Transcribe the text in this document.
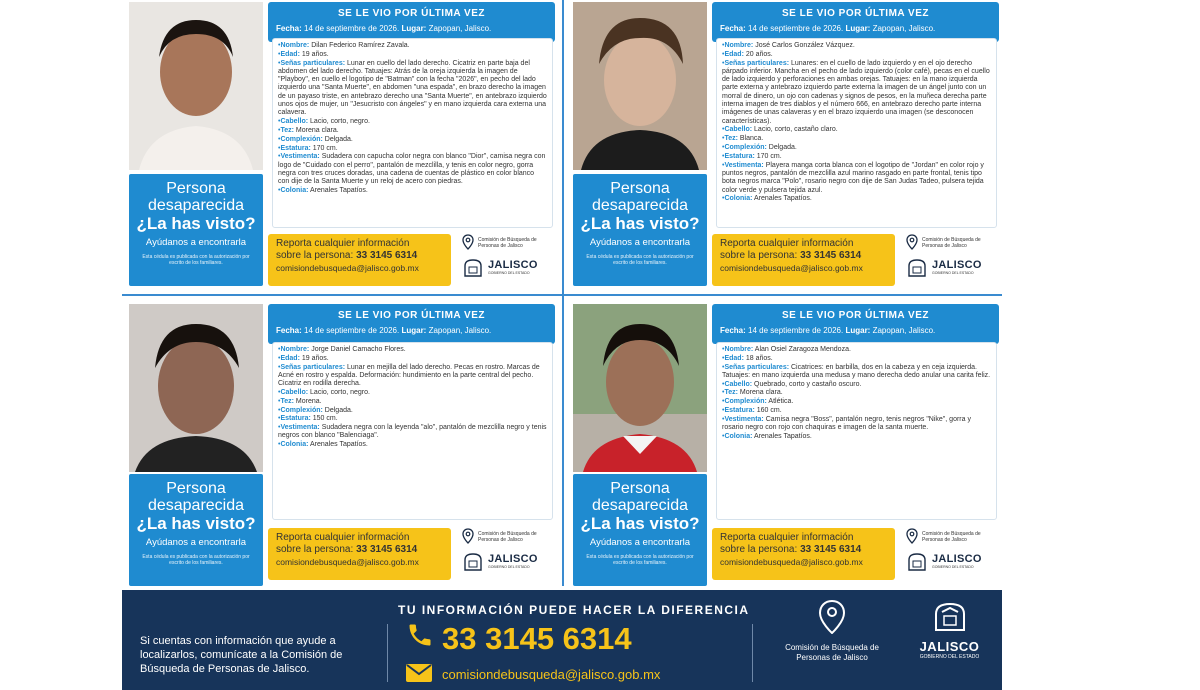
Persona
desaparecida
¿La has visto?
Ayúdanos a encontrarla
Esta cédula es publicada con la autorización por escrito de los familiares.
SE LE VIO POR ÚLTIMA VEZ
Fecha: 14 de septiembre de 2026. Lugar: Zapopan, Jalisco.

•Nombre: Dilan Federico Ramírez Zavala.

•Edad: 19 años.

•Señas particulares: Lunar en cuello del lado derecho. Cicatriz en parte baja del abdomen del lado derecho. Tatuajes: Atrás de la oreja izquierda la imagen de "Playboy", en cuello el logotipo de "Batman" con la fecha "2026", en pecho del lado izquierdo una "Santa Muerte", en abdomen "una espada", en brazo derecho la imagen de un payaso triste, en antebrazo derecho una "Santa Muerte", en antebrazo izquierdo unos ojos de mujer, un "Jesucristo con ángeles" y en mano izquierda cara externa una calavera.

•Cabello: Lacio, corto, negro.

•Tez: Morena clara.

•Complexión: Delgada.

•Estatura: 170 cm.

•Vestimenta: Sudadera con capucha color negra con blanco "Dior", camisa negra con logo de "Cuidado con el perro", pantalón de mezclilla, y tenis en color negro, gorra negra con tres cruces doradas, una cadena de cuentas de plástico en color blanco con dije de la Santa Muerte y un reloj de acero con piedras.

•Colonia: Arenales Tapatíos.

Reporta cualquier información
sobre la persona: 33 3145 6314
comisiondebusqueda@jalisco.gob.mx
Comisión de Búsqueda de Personas de Jalisco
JALISCO
GOBIERNO DEL ESTADO
Persona
desaparecida
¿La has visto?
Ayúdanos a encontrarla
Esta cédula es publicada con la autorización por escrito de los familiares.
SE LE VIO POR ÚLTIMA VEZ
Fecha: 14 de septiembre de 2026. Lugar: Zapopan, Jalisco.

•Nombre: José Carlos González Vázquez.

•Edad: 20 años.

•Señas particulares: Lunares: en el cuello de lado izquierdo y en el ojo derecho párpado inferior. Mancha en el pecho de lado izquierdo (color café), pecas en el cuello de lado izquierdo y perforaciones en ambas orejas. Tatuajes: en la mano izquierda parte externa y antebrazo izquierdo parte externa la imagen de un ángel junto con un morral de dinero, un ojo con cadenas y signos de pesos, en la muñeca derecha parte interna imagen de tres diablos y el número 666, en antebrazo derecho parte interna imágenes de unas calaveras y en el brazo izquierdo una imagen (se desconocen características).

•Cabello: Lacio, corto, castaño claro.

•Tez: Blanca.

•Complexión: Delgada.

•Estatura: 170 cm.

•Vestimenta: Playera manga corta blanca con el logotipo de "Jordan" en color rojo y puntos negros, pantalón de mezclilla azul marino rasgado en parte frontal, tenis tipo bota negros marca "Polo", rosario negro con dije de San Judas Tadeo, pulsera tejida color verde y pulsera tejida azul.

•Colonia: Arenales Tapatíos.

Reporta cualquier información
sobre la persona: 33 3145 6314
comisiondebusqueda@jalisco.gob.mx
Comisión de Búsqueda de Personas de Jalisco
JALISCO
GOBIERNO DEL ESTADO
Persona
desaparecida
¿La has visto?
Ayúdanos a encontrarla
Esta cédula es publicada con la autorización por escrito de los familiares.
SE LE VIO POR ÚLTIMA VEZ
Fecha: 14 de septiembre de 2026. Lugar: Zapopan, Jalisco.

•Nombre: Jorge Daniel Camacho Flores.

•Edad: 19 años.

•Señas particulares: Lunar en mejilla del lado derecho. Pecas en rostro. Marcas de Acné en rostro y espalda. Deformación: hundimiento en la parte central del pecho. Cicatriz en rodilla derecha.

•Cabello: Lacio, corto, negro.

•Tez: Morena.

•Complexión: Delgada.

•Estatura: 150 cm.

•Vestimenta: Sudadera negra con la leyenda "alo", pantalón de mezclilla negro y tenis negros con blanco "Balenciaga".

•Colonia: Arenales Tapatíos.

Reporta cualquier información
sobre la persona: 33 3145 6314
comisiondebusqueda@jalisco.gob.mx
Comisión de Búsqueda de Personas de Jalisco
JALISCO
GOBIERNO DEL ESTADO
Persona
desaparecida
¿La has visto?
Ayúdanos a encontrarla
Esta cédula es publicada con la autorización por escrito de los familiares.
SE LE VIO POR ÚLTIMA VEZ
Fecha: 14 de septiembre de 2026. Lugar: Zapopan, Jalisco.

•Nombre: Alan Osiel Zaragoza Mendoza.

•Edad: 18 años.

•Señas particulares: Cicatrices: en barbilla, dos en la cabeza y en ceja izquierda. Tatuajes: en mano izquierda una medusa y mano derecha dedo anular una carita feliz.

•Cabello: Quebrado, corto y castaño oscuro.

•Tez: Morena clara.

•Complexión: Atlética.

•Estatura: 160 cm.

•Vestimenta: Camisa negra "Boss", pantalón negro, tenis negros "Nike", gorra y rosario negro con rojo con chaquiras e imagen de la santa muerte.

•Colonia: Arenales Tapatíos.

Reporta cualquier información
sobre la persona: 33 3145 6314
comisiondebusqueda@jalisco.gob.mx
Comisión de Búsqueda de Personas de Jalisco
JALISCO
GOBIERNO DEL ESTADO
Si cuentas con información que ayude a localizarlos, comunícate a la Comisión de Búsqueda de Personas de Jalisco.
TU INFORMACIÓN PUEDE HACER LA DIFERENCIA
33 3145 6314
comisiondebusqueda@jalisco.gob.mx
Comisión de Búsqueda de Personas de Jalisco
JALISCO
GOBIERNO DEL ESTADO
